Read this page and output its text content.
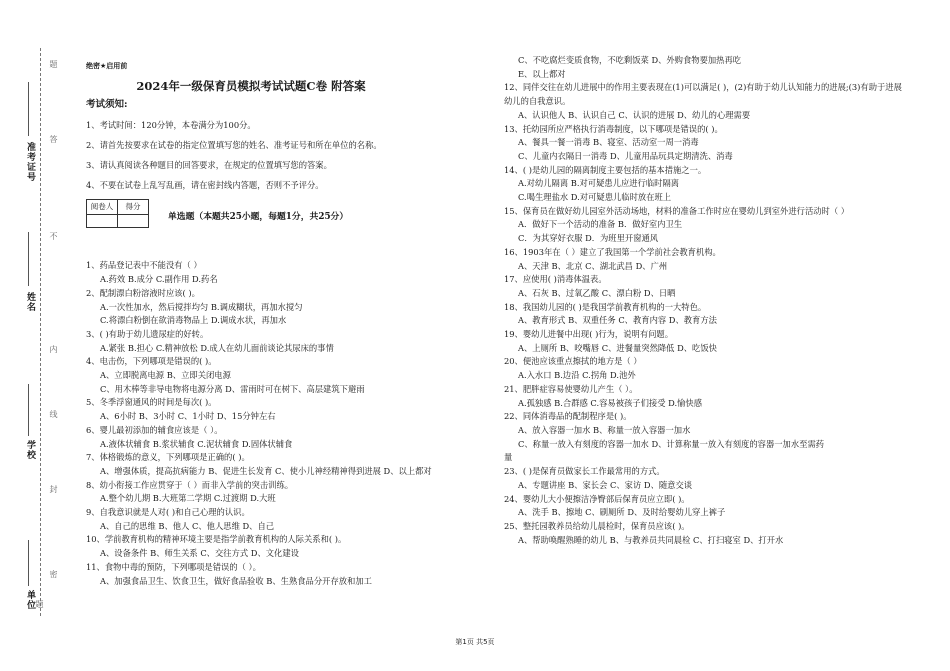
准考证号
姓名
学校
单位
题
答
不
内
线
封
密
题
绝密★启用前
2024年一级保育员模拟考试试题C卷 附答案
考试须知:
1、考试时间：120分钟，本卷满分为100分。
2、请首先按要求在试卷的指定位置填写您的姓名、准考证号和所在单位的名称。
3、请认真阅读各种题目的回答要求，在规定的位置填写您的答案。
4、不要在试卷上乱写乱画，请在密封线内答题，否则不予评分。
阅卷人	得分

单选题（本题共25小题，每题1分，共25分）
1、药品登记表中不能没有（ ）
A.药效 B.成分 C.副作用 D.药名
2、配制漂白粉溶液时应该( )。
A.一次性加水，然后搅拌均匀 B.调成糊状，再加水搅匀
C.将漂白粉倒在欲消毒物品上 D.调成水状，再加水
3、( )有助于幼儿遗尿症的好转。
A.紧张 B.担心 C.精神放松 D.成人在幼儿面前谈论其尿床的事情
4、电击伤，下列哪项是错误的( )。
A、立即脱离电源 B、立即关闭电源
C、用木棒等非导电物将电源分离 D、雷雨时可在树下、高层建筑下避雨
5、冬季浮窗通风的时间是每次( )。
A、6小时 B、3小时 C、1小时 D、15分钟左右
6、婴儿最初添加的辅食应该是（ ）。
A.液体状辅食 B.浆状辅食 C.泥状辅食 D.固体状辅食
7、体格锻炼的意义，下列哪项是正确的( )。
A、增强体质，提高抗病能力 B、促进生长发育 C、使小儿神经精神得到进展 D、以上都对
8、幼小衔接工作应贯穿于（ ）而非入学前的突击训练。
A.整个幼儿期 B.大班第二学期 C.过渡期 D.大班
9、自我意识就是人对( )和自己心理的认识。
A、自己的思维 B、他人 C、他人思维 D、自己
10、学前教育机构的精神环境主要是指学前教育机构的人际关系和( )。
A、设备条件 B、师生关系 C、交往方式 D、文化建设
11、食物中毒的预防，下列哪项是错误的（ ）。
A、加强食品卫生、饮食卫生，做好食品验收 B、生熟食品分开存放和加工
C、不吃腐烂变质食物，不吃剩饭菜 D、外购食物要加热再吃
E、以上都对
12、同伴交往在幼儿进展中的作用主要表现在(1)可以满足( )，(2)有助于幼儿认知能力的进展;(3)有助于进展幼儿的自我意识。
A、认识他人 B、认识自己 C、认识的进展 D、幼儿的心理需要
13、托幼园所应严格执行消毒制度，以下哪项是错误的( )。
A、餐具一餐一消毒 B、寝室、活动室一周一消毒
C、儿童内衣隔日一消毒 D、儿童用品玩具定期清洗、消毒
14、( )是幼儿园的隔离制度主要包括的基本措施之一。
A.对幼儿隔离 B.对可疑患儿应进行临时隔离
C.喝生理盐水 D.对可疑患儿临时放在班上
15、保育员在做好幼儿园室外活动场地，材料的准备工作时应在婴幼儿到室外进行活动时（ ）
A．做好下一个活动的准备 B．做好室内卫生
C．为其穿好衣服 D．为班里开窗通风
16、1903年在（ ）建立了我国第一个学前社会教育机构。
A、天津 B、北京 C、湖北武昌 D、广州
17、应使用( )消毒体温表。
A、石灰 B、过氧乙酸 C、漂白粉 D、日晒
18、我国幼儿园的( )是我国学前教育机构的一大特色。
A、教育形式 B、双重任务 C、教育内容 D、教育方法
19、婴幼儿进餐中出现( )行为，说明有问题。
A、上厕所 B、咬嘴唇 C、进餐量突然降低 D、吃饭快
20、便池应该重点擦拭的地方是（ ）
A.入水口 B.边沿 C.拐角 D.池外
21、肥胖症容易使婴幼儿产生（ ）。
A.孤独感 B.合群感 C.容易被孩子们接受 D.愉快感
22、同体消毒品的配制程序是( )。
A、放入容器一加水 B、称量一放入容器一加水
C、称量一放入有刻度的容器一加水 D、计算称量一放入有刻度的容器一加水至需药
量
23、( )是保育员做家长工作最常用的方式。
A、专题讲座 B、家长会 C、家访 D、随意交谈
24、婴幼儿大小便擦洁净臀部后保育员应立即( )。
A、洗手 B、擦地 C、刷厕所 D、及时给婴幼儿穿上裤子
25、整托园教养员给幼儿晨检时，保育员应该( )。
A、帮助唤醒熟睡的幼儿 B、与教养员共同晨检 C、打扫寝室 D、打开水
第1页 共5页
